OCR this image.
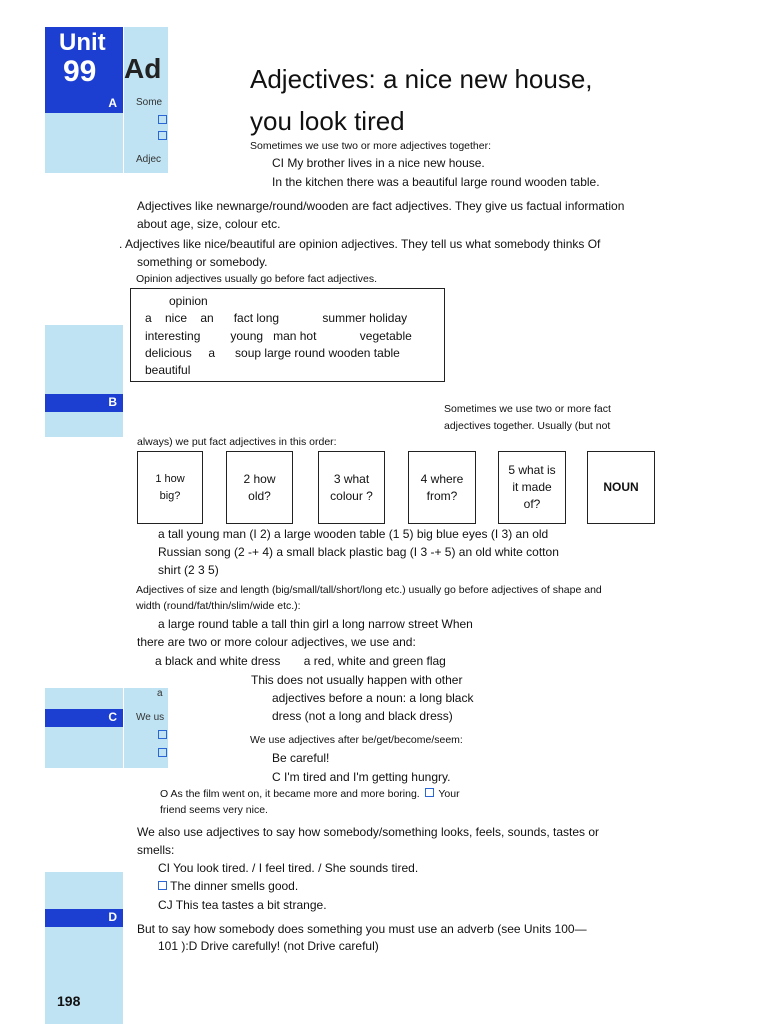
Unit
99
A
B
C
D
Ad
Some
Adjec
a
We us
Adjectives: a nice new house,
you look tired
Sometimes we use two or more adjectives together:
CI My brother lives in a nice new house.
In the kitchen there was a beautiful large round wooden table.
Adjectives like newnarge/round/wooden are fact adjectives. They give us factual information
about age, size, colour etc.
. Adjectives like nice/beautiful are opinion adjectives. They tell us what somebody thinks Of
something or somebody.
Opinion adjectives usually go before fact adjectives.
opinion
a    nice    an      fact long             summer holiday
interesting         young   man hot             vegetable
delicious     a      soup large round wooden table
beautiful
Sometimes we use two or more fact
adjectives together. Usually (but not
always) we put fact adjectives in this order:
1 how big?
2 how old?
3 what colour ?
4 where from?
5 what is it made of?
NOUN
a tall young man (I 2) a large wooden table (1 5) big blue eyes (I 3) an old
Russian song (2 -+ 4) a small black plastic bag (I 3 -+ 5) an old white cotton
shirt (2 3 5)
Adjectives of size and length (big/small/tall/short/long etc.) usually go before adjectives of shape and
width (round/fat/thin/slim/wide etc.):
a large round table a tall thin girl a long narrow street When
there are two or more colour adjectives, we use and:
a black and white dress       a red, white and green flag
This does not usually happen with other
adjectives before a noun: a long black
dress (not a long and black dress)
We use adjectives after be/get/become/seem:
Be careful!
C I'm tired and I'm getting hungry.
O As the film went on, it became more and more boring. Your
friend seems very nice.
We also use adjectives to say how somebody/something looks, feels, sounds, tastes or
smells:
CI You look tired. / I feel tired. / She sounds tired.
The dinner smells good.
CJ This tea tastes a bit strange.
But to say how somebody does something you must use an adverb (see Units 100—
101 ):D Drive carefully! (not Drive careful)
198
